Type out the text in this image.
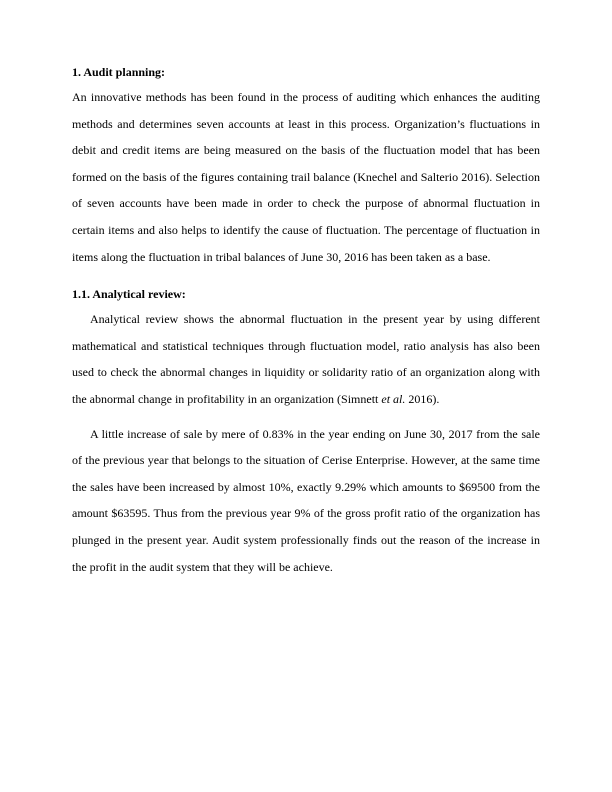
1. Audit planning:

An innovative methods has been found in the process of auditing which enhances the auditing methods and determines seven accounts at least in this process. Organization’s fluctuations in debit and credit items are being measured on the basis of the fluctuation model that has been formed on the basis of the figures containing trail balance (Knechel and Salterio 2016). Selection of seven accounts have been made in order to check the purpose of abnormal fluctuation in certain items and also helps to identify the cause of fluctuation. The percentage of fluctuation in items along the fluctuation in tribal balances of June 30, 2016 has been taken as a base.

1.1. Analytical review:

Analytical review shows the abnormal fluctuation in the present year by using different mathematical and statistical techniques through fluctuation model, ratio analysis has also been used to check the abnormal changes in liquidity or solidarity ratio of an organization along with the abnormal change in profitability in an organization (Simnett et al. 2016).

A little increase of sale by mere of 0.83% in the year ending on June 30, 2017 from the sale of the previous year that belongs to the situation of Cerise Enterprise. However, at the same time the sales have been increased by almost 10%, exactly 9.29% which amounts to $69500 from the amount $63595. Thus from the previous year 9% of the gross profit ratio of the organization has plunged in the present year. Audit system professionally finds out the reason of the increase in the profit in the audit system that they will be achieve.
